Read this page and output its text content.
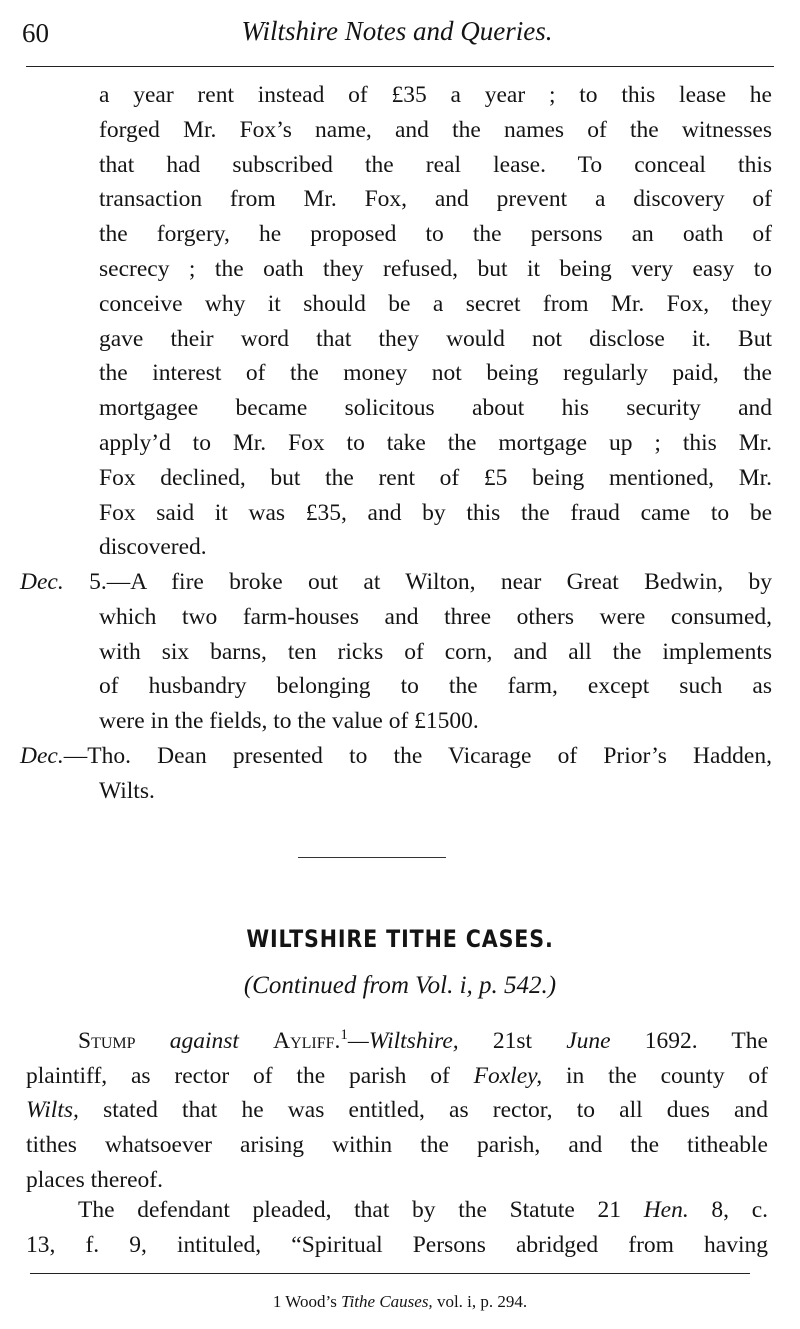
60	Wiltshire Notes and Queries.
a year rent instead of £35 a year ; to this lease he
forged Mr. Fox’s name, and the names of the witnesses
that had subscribed the real lease. To conceal this
transaction from Mr. Fox, and prevent a discovery of
the forgery, he proposed to the persons an oath of
secrecy ; the oath they refused, but it being very easy to
conceive why it should be a secret from Mr. Fox, they
gave their word that they would not disclose it. But
the interest of the money not being regularly paid, the
mortgagee became solicitous about his security and
apply’d to Mr. Fox to take the mortgage up ; this Mr.
Fox declined, but the rent of £5 being mentioned, Mr.
Fox said it was £35, and by this the fraud came to be
discovered.
Dec. 5.—A fire broke out at Wilton, near Great Bedwin, by
which two farm-houses and three others were consumed,
with six barns, ten ricks of corn, and all the implements
of husbandry belonging to the farm, except such as
were in the fields, to the value of £1500.
Dec.—Tho. Dean presented to the Vicarage of Prior’s Hadden,
Wilts.
WILTSHIRE TITHE CASES.
(Continued from Vol. i, p. 542.)
Stump against Ayliff.$^1$—Wiltshire, 21st June 1692. The
plaintiff, as rector of the parish of Foxley, in the county of
Wilts, stated that he was entitled, as rector, to all dues and
tithes whatsoever arising within the parish, and the titheable
places thereof.
The defendant pleaded, that by the Statute 21 Hen. 8, c.
13, f. 9, intituled, “Spiritual Persons abridged from having
1 Wood’s Tithe Causes, vol. i, p. 294.
